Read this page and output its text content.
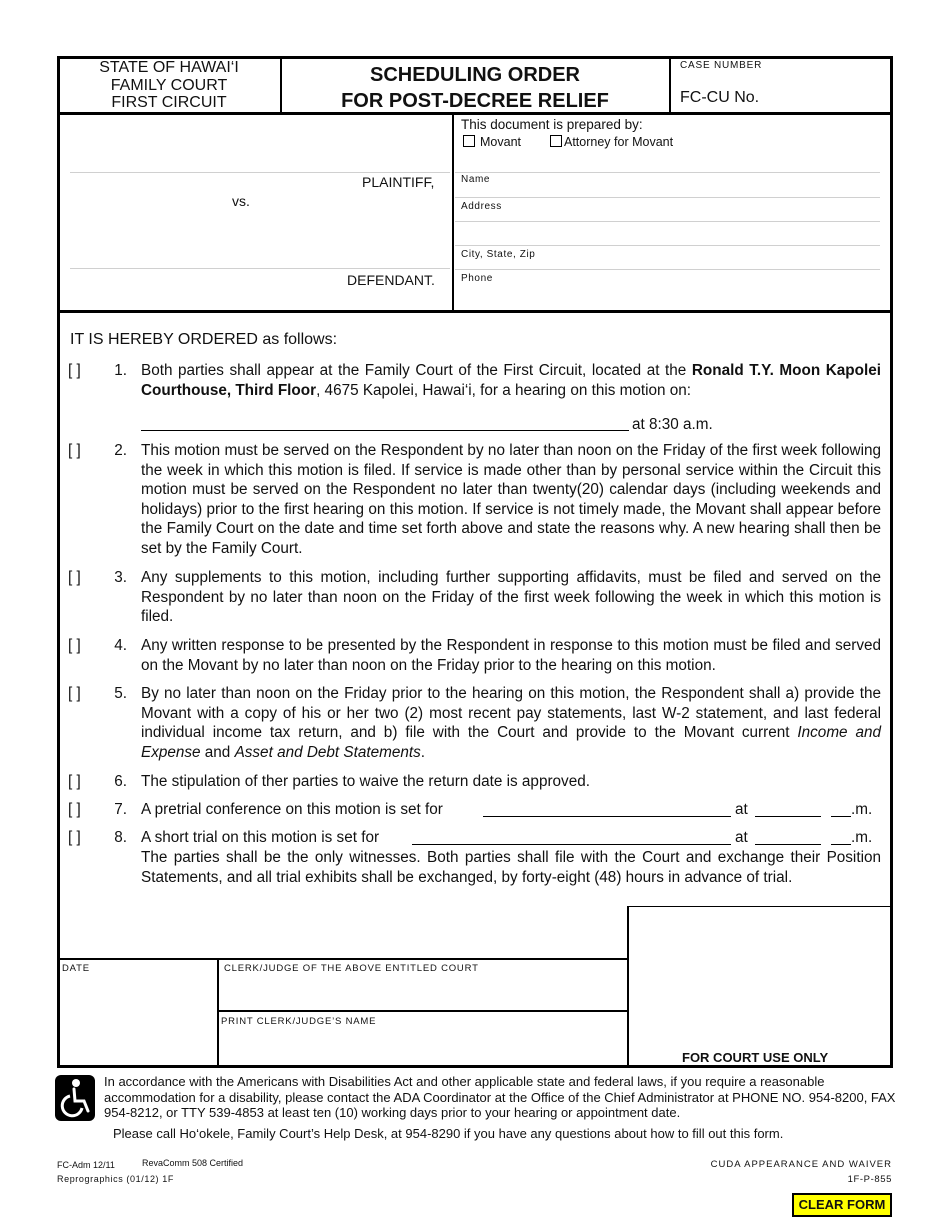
STATE OF HAWAI‘I
FAMILY COURT
FIRST CIRCUIT
SCHEDULING ORDER
FOR POST-DECREE RELIEF
CASE NUMBER
FC-CU No.
PLAINTIFF,
vs.
DEFENDANT.
This document is prepared by:
Movant	Attorney for Movant
Name
Address
City, State, Zip
Phone
IT IS HEREBY ORDERED as follows:
[ ]	1. Both parties shall appear at the Family Court of the First Circuit, located at the Ronald T.Y. Moon Kapolei Courthouse, Third Floor, 4675 Kapolei, Hawai‘i, for a hearing on this motion on:
at 8:30 a.m.
[ ]	2. This motion must be served on the Respondent by no later than noon on the Friday of the first week following the week in which this motion is filed. If service is made other than by personal service within the Circuit this motion must be served on the Respondent no later than twenty(20) calendar days (including weekends and holidays) prior to the first hearing on this motion. If service is not timely made, the Movant shall appear before the Family Court on the date and time set forth above and state the reasons why. A new hearing shall then be set by the Family Court.
[ ]	3. Any supplements to this motion, including further supporting affidavits, must be filed and served on the Respondent by no later than noon on the Friday of the first week following the week in which this motion is filed.
[ ]	4. Any written response to be presented by the Respondent in response to this motion must be filed and served on the Movant by no later than noon on the Friday prior to the hearing on this motion.
[ ]	5. By no later than noon on the Friday prior to the hearing on this motion, the Respondent shall a) provide the Movant with a copy of his or her two (2) most recent pay statements, last W-2 statement, and last federal individual income tax return, and b) file with the Court and provide to the Movant current Income and Expense and Asset and Debt Statements.
[ ]	6. The stipulation of ther parties to waive the return date is approved.
[ ]	7. A pretrial conference on this motion is set for	at	.m.
[ ]	8. A short trial on this motion is set for	at	.m.
The parties shall be the only witnesses. Both parties shall file with the Court and exchange their Position Statements, and all trial exhibits shall be exchanged, by forty-eight (48) hours in advance of trial.
DATE	CLERK/JUDGE OF THE ABOVE ENTITLED COURT
PRINT CLERK/JUDGE’S NAME
FOR COURT USE ONLY
In accordance with the Americans with Disabilities Act and other applicable state and federal laws, if you require a reasonable accommodation for a disability, please contact the ADA Coordinator at the Office of the Chief Administrator at PHONE NO. 954-8200, FAX 954-8212, or TTY 539-4853 at least ten (10) working days prior to your hearing or appointment date.
Please call Ho‘okele, Family Court’s Help Desk, at 954-8290 if you have any questions about how to fill out this form.
FC-Adm 12/11	RevaComm 508 Certified
Reprographics (01/12) 1F
CUDA APPEARANCE AND WAIVER
1F-P-855
CLEAR FORM
